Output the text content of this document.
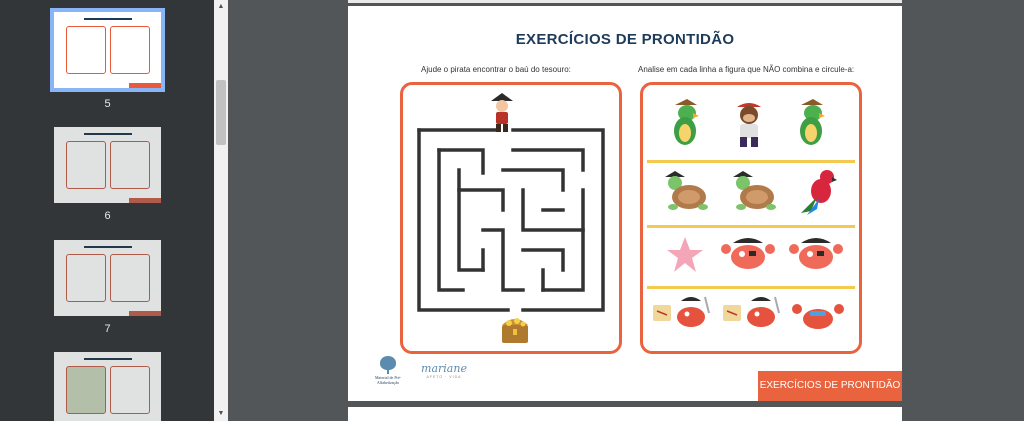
5
6
7
▲
▼
EXERCÍCIOS DE PRONTIDÃO
Ajude o pirata encontrar o baú do tesouro:	Analise em cada linha a figura que NÃO combina e circule-a:
Material de Pré-Alfabetização
mariane
AFETO · VIDA
EXERCÍCIOS DE PRONTIDÃO
